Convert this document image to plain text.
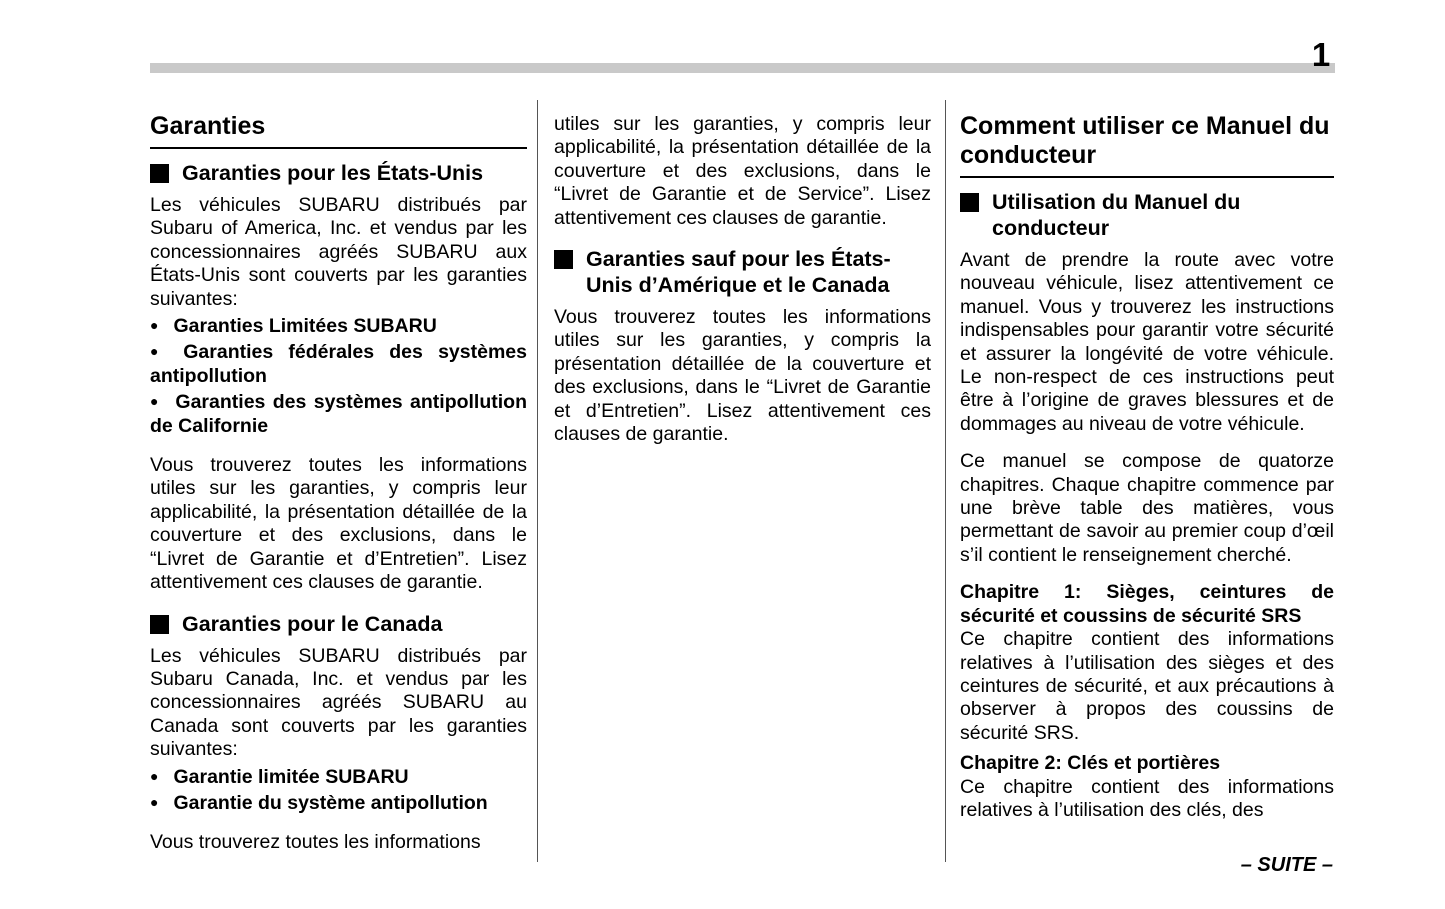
1
Garanties
Garanties pour les États-Unis

Les véhicules SUBARU distribués par Subaru of America, Inc. et vendus par les concessionnaires agréés SUBARU aux États-Unis sont couverts par les garanties suivantes:

● Garanties Limitées SUBARU
● Garanties fédérales des systèmes antipollution
● Garanties des systèmes antipollution de Californie

Vous trouverez toutes les informations utiles sur les garanties, y compris leur applicabilité, la présentation détaillée de la couverture et des exclusions, dans le “Livret de Garantie et d’Entretien”. Lisez attentivement ces clauses de garantie.

Garanties pour le Canada

Les véhicules SUBARU distribués par Subaru Canada, Inc. et vendus par les concessionnaires agréés SUBARU au Canada sont couverts par les garanties suivantes:

● Garantie limitée SUBARU
● Garantie du système antipollution

Vous trouverez toutes les informations

utiles sur les garanties, y compris leur applicabilité, la présentation détaillée de la couverture et des exclusions, dans le “Livret de Garantie et de Service”. Lisez attentivement ces clauses de garantie.

Garanties sauf pour les États-Unis d’Amérique et le Canada

Vous trouverez toutes les informations utiles sur les garanties, y compris la présentation détaillée de la couverture et des exclusions, dans le “Livret de Garantie et d’Entretien”. Lisez attentivement ces clauses de garantie.

Comment utiliser ce Manuel du conducteur
Utilisation du Manuel du conducteur

Avant de prendre la route avec votre nouveau véhicule, lisez attentivement ce manuel. Vous y trouverez les instructions indispensables pour garantir votre sécurité et assurer la longévité de votre véhicule. Le non-respect de ces instructions peut être à l’origine de graves blessures et de dommages au niveau de votre véhicule.

Ce manuel se compose de quatorze chapitres. Chaque chapitre commence par une brève table des matières, vous permettant de savoir au premier coup d’œil s’il contient le renseignement cherché.

Chapitre 1: Sièges, ceintures de sécurité et coussins de sécurité SRS

Ce chapitre contient des informations relatives à l’utilisation des sièges et des ceintures de sécurité, et aux précautions à observer à propos des coussins de sécurité SRS.

Chapitre 2: Clés et portières

Ce chapitre contient des informations relatives à l’utilisation des clés, des

– SUITE –
